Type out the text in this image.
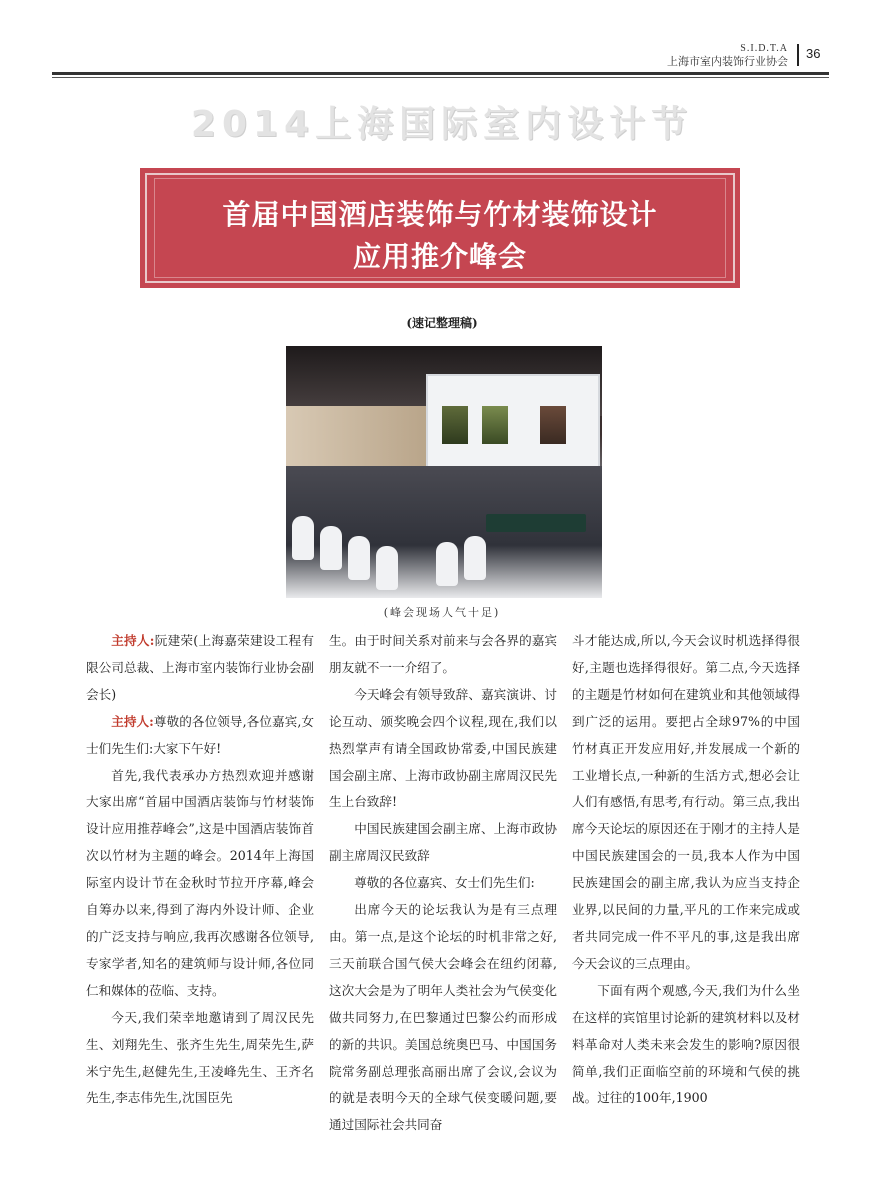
S.I.D.T.A
上海市室内装饰行业协会
36
2014上海国际室内设计节
首届中国酒店装饰与竹材装饰设计
应用推介峰会
(速记整理稿)
(峰会现场人气十足)

主持人:阮建荣(上海嘉荣建设工程有限公司总裁、上海市室内装饰行业协会副会长)

主持人:尊敬的各位领导,各位嘉宾,女士们先生们:大家下午好!

首先,我代表承办方热烈欢迎并感谢大家出席“首届中国酒店装饰与竹材装饰设计应用推荐峰会”,这是中国酒店装饰首次以竹材为主题的峰会。2014年上海国际室内设计节在金秋时节拉开序幕,峰会自筹办以来,得到了海内外设计师、企业的广泛支持与响应,我再次感谢各位领导,专家学者,知名的建筑师与设计师,各位同仁和媒体的莅临、支持。

今天,我们荣幸地邀请到了周汉民先生、刘翔先生、张齐生先生,周荣先生,萨米宁先生,赵健先生,王凌峰先生、王齐名先生,李志伟先生,沈国臣先

生。由于时间关系对前来与会各界的嘉宾朋友就不一一介绍了。

今天峰会有领导致辞、嘉宾演讲、讨论互动、颁奖晚会四个议程,现在,我们以热烈掌声有请全国政协常委,中国民族建国会副主席、上海市政协副主席周汉民先生上台致辞!

中国民族建国会副主席、上海市政协副主席周汉民致辞

尊敬的各位嘉宾、女士们先生们:

出席今天的论坛我认为是有三点理由。第一点,是这个论坛的时机非常之好,三天前联合国气侯大会峰会在纽约闭幕,这次大会是为了明年人类社会为气侯变化做共同努力,在巴黎通过巴黎公约而形成的新的共识。美国总统奥巴马、中国国务院常务副总理张高丽出席了会议,会议为的就是表明今天的全球气侯变暖问题,要通过国际社会共同奋

斗才能达成,所以,今天会议时机选择得很好,主题也选择得很好。第二点,今天选择的主题是竹材如何在建筑业和其他领域得到广泛的运用。要把占全球97%的中国竹材真正开发应用好,并发展成一个新的工业增长点,一种新的生活方式,想必会让人们有感悟,有思考,有行动。第三点,我出席今天论坛的原因还在于刚才的主持人是中国民族建国会的一员,我本人作为中国民族建国会的副主席,我认为应当支持企业界,以民间的力量,平凡的工作来完成或者共同完成一件不平凡的事,这是我出席今天会议的三点理由。

下面有两个观感,今天,我们为什么坐在这样的宾馆里讨论新的建筑材料以及材料革命对人类未来会发生的影响?原因很简单,我们正面临空前的环境和气侯的挑战。过往的100年,1900
